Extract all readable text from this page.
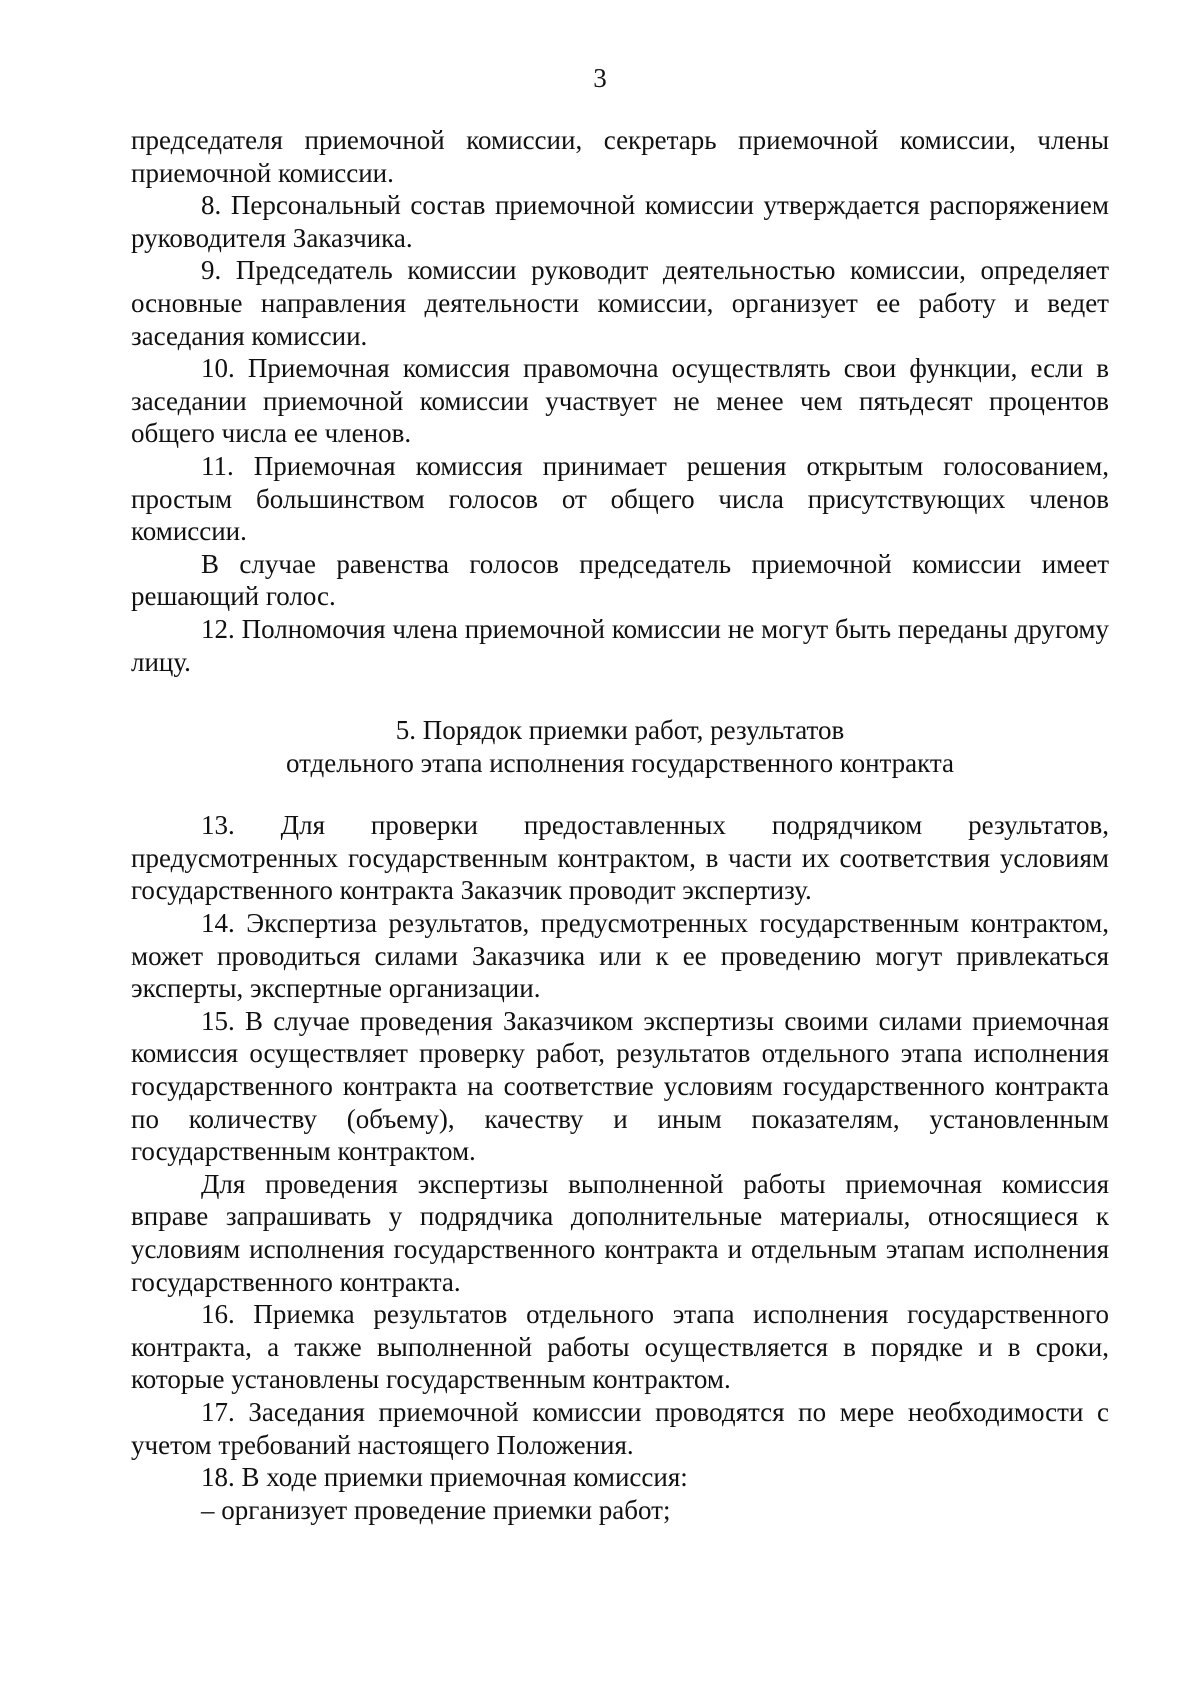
3

председателя приемочной комиссии, секретарь приемочной комиссии, члены приемочной комиссии.

8. Персональный состав приемочной комиссии утверждается распоряжением руководителя Заказчика.

9. Председатель комиссии руководит деятельностью комиссии, определяет основные направления деятельности комиссии, организует ее работу и ведет заседания комиссии.

10. Приемочная комиссия правомочна осуществлять свои функции, если в заседании приемочной комиссии участвует не менее чем пятьдесят процентов общего числа ее членов.

11. Приемочная комиссия принимает решения открытым голосованием, простым большинством голосов от общего числа присутствующих членов комиссии.

В случае равенства голосов председатель приемочной комиссии имеет решающий голос.

12. Полномочия члена приемочной комиссии не могут быть переданы другому лицу.

5. Порядок приемки работ, результатов
отдельного этапа исполнения государственного контракта

13. Для проверки предоставленных подрядчиком результатов, предусмотренных государственным контрактом, в части их соответствия условиям государственного контракта Заказчик проводит экспертизу.

14. Экспертиза результатов, предусмотренных государственным контрактом, может проводиться силами Заказчика или к ее проведению могут привлекаться эксперты, экспертные организации.

15. В случае проведения Заказчиком экспертизы своими силами приемочная комиссия осуществляет проверку работ, результатов отдельного этапа исполнения государственного контракта на соответствие условиям государственного контракта по количеству (объему), качеству и иным показателям, установленным государственным контрактом.

Для проведения экспертизы выполненной работы приемочная комиссия вправе запрашивать у подрядчика дополнительные материалы, относящиеся к условиям исполнения государственного контракта и отдельным этапам исполнения государственного контракта.

16. Приемка результатов отдельного этапа исполнения государственного контракта, а также выполненной работы осуществляется в порядке и в сроки, которые установлены государственным контрактом.

17. Заседания приемочной комиссии проводятся по мере необходимости с учетом требований настоящего Положения.

18. В ходе приемки приемочная комиссия:

– организует проведение приемки работ;
